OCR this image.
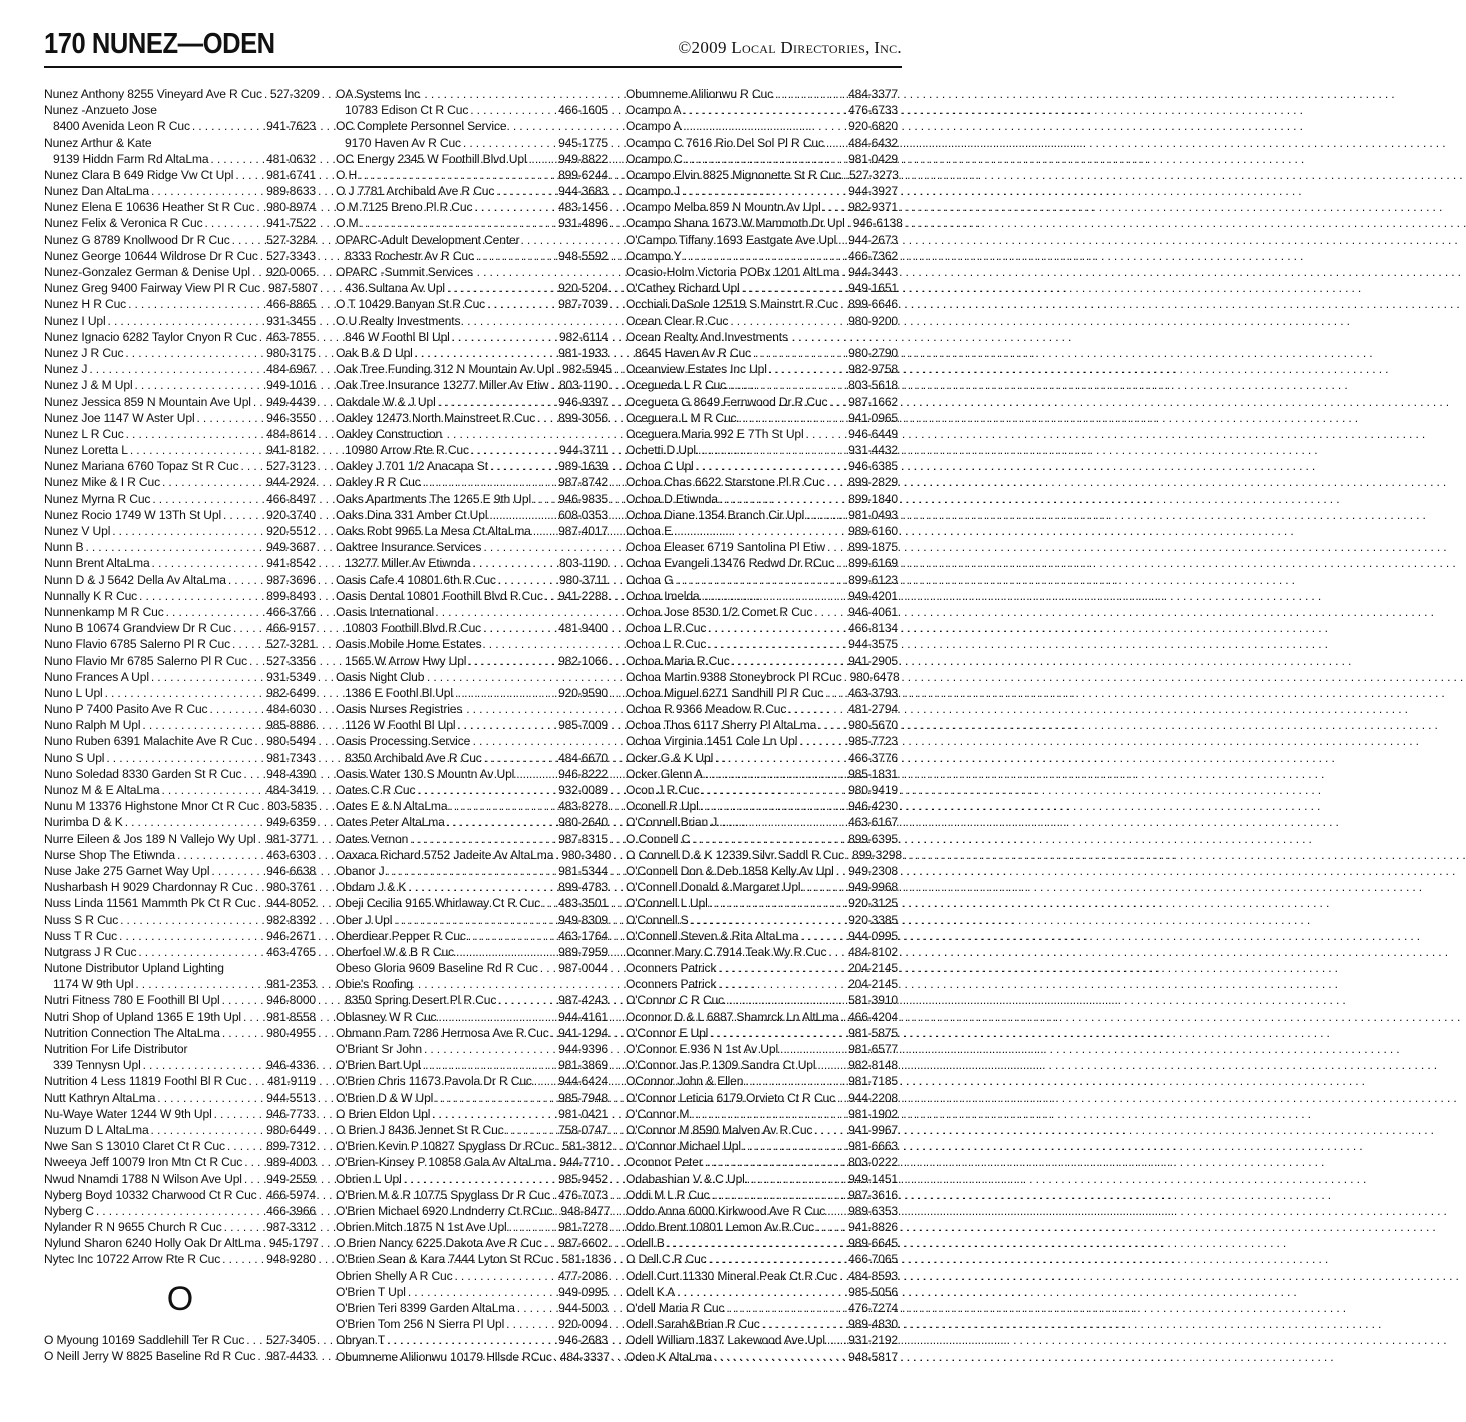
170 NUNEZ—ODEN	©2009 Local Directories, Inc.
Nunez Anthony 8255 Vineyard Ave R Cuc . . . 527-3209
Nunez -Anzueto Jose
8400 Avenida Leon R Cuc . . .	941-7623
Nunez Arthur & Kate
9139 Hiddn Farm Rd AltaLma . . .	481-0632
Nunez Clara B 649 Ridge Vw Ct Upl . . .	981-6741
Nunez Dan AltaLma . . .	989-8633
Nunez Elena E 10636 Heather St R Cuc . . . 980-8974
Nunez Felix & Veronica R Cuc . . .	941-7522
Nunez G 8789 Knollwood Dr R Cuc . . .	527-3284
Nunez George 10644 Wildrose Dr R Cuc . . . 527-3343
Nunez-Gonzalez German & Denise Upl . . . 920-0065
Nunez Greg 9400 Fairway View Pl R Cuc . . . 987-5807
Nunez H R Cuc . . .	466-8865
Nunez I Upl . . .	931-3455
Nunez Ignacio 6282 Taylor Cnyon R Cuc . . . 463-7855
Nunez J R Cuc . . .	980-3175
Nunez J . . .	484-6967
Nunez J & M Upl . . .	949-1016
Nunez Jessica 859 N Mountain Ave Upl . . . 949-4439
Nunez Joe 1147 W Aster Upl . . .	946-3550
Nunez L R Cuc . . .	484-8614
Nunez Loretta L . . .	941-8182
Nunez Mariana 6760 Topaz St R Cuc . . . 527-3123
Nunez Mike & I R Cuc . . .	944-2924
Nunez Myrna R Cuc . . .	466-8497
Nunez Rocio 1749 W 13Th St Upl . . .	920-3740
Nunez V Upl . . .	920-5512
Nunn B . . .	949-3687
Nunn Brent AltaLma . . .	941-8542
Nunn D & J 5642 Della Av AltaLma . . .	987-3696
Nunnally K R Cuc . . .	899-8493
Nunnenkamp M R Cuc . . .	466-3766
Nuno B 10674 Grandview Dr R Cuc . . .	466-9157
Nuno Flavio 6785 Salerno Pl R Cuc . . .	527-3281
Nuno Flavio Mr 6785 Salerno Pl R Cuc . . . 527-3356
Nuno Frances A Upl . . .	931-5349
Nuno L Upl . . .	982-6499
Nuno P 7400 Pasito Ave R Cuc . . .	484-6030
Nuno Ralph M Upl . . .	985-8886
Nuno Ruben 6391 Malachite Ave R Cuc . . . 980-5494
Nuno S Upl . . .	981-7343
Nuno Soledad 8330 Garden St R Cuc . . . 948-4390
Nunoz M & E AltaLma . . .	484-3419
Nunu M 13376 Highstone Mnor Ct R Cuc . . . 803-5835
Nurimba D & K . . .	949-6359
Nurre Eileen & Jos 189 N Vallejo Wy Upl . . . 981-3771
Nurse Shop The Etiwnda . . .	463-6303
Nuse Jake 275 Garnet Way Upl . . .	946-6638
Nusharbash H 9029 Chardonnay R Cuc . . . 980-3761
Nuss Linda 11561 Mammth Pk Ct R Cuc . . . 944-8052
Nuss S R Cuc . . .	982-8392
Nuss T R Cuc . . .	946-2671
Nutgrass J R Cuc . . .	463-4765
Nutone Distributor Upland Lighting
1174 W 9th Upl . . .	981-2353
Nutri Fitness 780 E Foothill Bl Upl . . .	946-8000
Nutri Shop of Upland 1365 E 19th Upl . . . 981-8558
Nutrition Connection The AltaLma . . .	980-4955
Nutrition For Life Distributor
339 Tennysn Upl . . .	946-4336
Nutrition 4 Less 11819 Foothl Bl R Cuc . . . 481-9119
Nutt Kathryn AltaLma . . .	944-5513
Nu-Waye Water 1244 W 9th Upl . . .	946-7733
Nuzum D L AltaLma . . .	980-6449
Nwe San S 13010 Claret Ct R Cuc . . .	899-7312
Nweeya Jeff 10079 Iron Mtn Ct R Cuc . . . 989-4003
Nwud Nnamdi 1788 N Wilson Ave Upl . . . 949-2559
Nyberg Boyd 10332 Charwood Ct R Cuc . . . 466-5974
Nyberg C . . .	466-3966
Nylander R N 9655 Church R Cuc . . .	987-3312
Nylund Sharon 6240 Holly Oak Dr AltLma . . . 945-1797
Nytec Inc 10722 Arrow Rte R Cuc . . .	948-9280
O
O Myoung 10169 Saddlehill Ter R Cuc . . . 527-3405
O Neill Jerry W 8825 Baseline Rd R Cuc . . . 987-4433
OA Systems Inc
10783 Edison Ct R Cuc . . .	466-1605
OC Complete Personnel Service
9170 Haven Av R Cuc . . .	945-1775
OC Energy 2345 W Foothill Blvd Upl . . .	949-8822
O H . . .	899-6244
O J 7781 Archibald Ave R Cuc . . .	944-3683
O M 7125 Breno Pl R Cuc . . .	483-1456
O M . . .	931-4896
OPARC-Adult Development Center
8333 Rochestr Av R Cuc . . .	948-5592
OPARC -Summit Services
436 Sultana Av Upl . . .	920-5204
O T 10429 Banyan St R Cuc . . .	987-7039
O U Realty Investments
846 W Foothl Bl Upl . . .	982-6114
Oak B & D Upl . . .	981-1933
Oak Tree Funding 312 N Mountain Av Upl . . . 982-5945
Oak Tree Insurance 13277 Miller Av Etiw . . . 803-1190
Oakdale W & J Upl . . .	946-9397
Oakley 12473 North Mainstreet R Cuc . . . 899-3056
Oakley Construction
10980 Arrow Rte R Cuc . . .	944-3711
Oakley J 701 1/2 Anacapa St . . .	989-1639
Oakley R R Cuc . . .	987-8742
Oaks Apartments The 1265 E 9th Upl . . . 946-9835
Oaks Dina 331 Amber Ct Upl . . .	608-0353
Oaks Robt 9965 La Mesa Ct AltaLma . . . 987-4017
Oaktree Insurance Services
13277 Miller Av Etiwnda . . .	803-1190
Oasis Cafe 4 10801 6th R Cuc . . .	980-3711
Oasis Dental 10801 Foothill Blvd R Cuc . . . 941-2288
Oasis International
10803 Foothill Blvd R Cuc . . .	481-9400
Oasis Mobile Home Estates
1565 W Arrow Hwy Upl . . .	982-1066
Oasis Night Club
1386 E Foothl Bl Upl . . .	920-9590
Oasis Nurses Registries
1126 W Foothl Bl Upl . . .	985-7009
Oasis Processing Service
8350 Archibald Ave R Cuc . . .	484-6670
Oasis Water 130 S Mountn Av Upl . . .	946-8222
Oates C R Cuc . . .	932-0089
Oates E & N AltaLma . . .	483-8278
Oates Peter AltaLma . . .	980-2640
Oates Vernon . . .	987-8315
Oaxaca Richard 5752 Jadeite Av AltaLma . . . 980-3480
Obanor J . . .	981-5344
Obdam J & K . . .	899-4783
Obeji Cecilia 9165 Whirlaway Ct R Cuc . . . 483-3501
Ober J Upl . . .	949-8309
Oberdiear Pepper R Cuc . . .	463-1764
Oberfoel W & B R Cuc . . .	989-7959
Obeso Gloria 9609 Baseline Rd R Cuc . . . 987-0044
Obie's Roofing
8350 Spring Desert Pl R Cuc . . .	987-4243
Oblasney W R Cuc . . .	944-4161
Obmann Pam 7286 Hermosa Ave R Cuc . . . 941-1294
O'Briant Sr John . . .	944-9396
O'Brien Bart Upl . . .	981-3869
O'Brien Chris 11673 Pavola Dr R Cuc . . . 944-6424
O'Brien D & W Upl . . .	985-7948
O Brien Eldon Upl . . .	981-0421
O Brien J 8436 Jennet St R Cuc . . .	758-0747
O'Brien Kevin P 10827 Spyglass Dr RCuc . . . 581-3812
O'Brien-Kinsey P 10858 Gala Av AltaLma . . . 944-7710
Obrien L Upl . . .	985-9452
O'Brien M & R 10775 Spyglass Dr R Cuc . . . 476-7073
O'Brien Michael 6920 Lndnderry Ct RCuc . . . 948-8477
Obrien Mitch 1875 N 1st Ave Upl . . .	981-7278
O Brien Nancy 6225 Dakota Ave R Cuc . . . 987-6602
O'Brien Sean & Kara 7444 Lyton St RCuc . . . 581-1836
Obrien Shelly A R Cuc . . .	477-2086
O'Brien T Upl . . .	949-0995
O'Brien Teri 8399 Garden AltaLma . . .	944-5003
O'Brien Tom 256 N Sierra Pl Upl . . .	920-0094
Obryan T . . .	946-2683
Obumneme Alilionwu 10179 Hllsde RCuc . . . 484-3337
Obumneme Alilionwu R Cuc . . .	484-3377
Ocampo A . . .	476-6733
Ocampo A . . .	920-6820
Ocampo C 7616 Rio Del Sol Pl R Cuc . . . 484-6432
Ocampo C . . .	981-0429
Ocampo Elvin 8825 Mignonette St R Cuc . . . 527-3273
Ocampo J . . .	944-3927
Ocampo Melba 859 N Mountn Av Upl . . . 982-9371
Ocampo Shana 1673 W Mammoth Dr Upl . . . 946-6138
O'Campo Tiffany 1693 Eastgate Ave Upl . . . 944-2673
Ocampo Y . . .	466-7362
Ocasio-Holm Victoria POBx 1201 AltLma . . . 944-3443
O'Cathey Richard Upl . . .	949-1651
Occhiali DaSole 12519 S Mainstrt R Cuc . . . 899-6646
Ocean Clear R Cuc . . .	980-9200
Ocean Realty And Investments
8645 Haven Av R Cuc . . .	980-2790
Oceanview Estates Inc Upl . . .	982-9758
Ocegueda L R Cuc . . .	803-5618
Oceguera G 8649 Fernwood Dr R Cuc . . . 987-1662
Oceguera L M R Cuc . . .	941-0965
Oceguera Maria 992 E 7Th St Upl . . .	946-6449
Ochetti D Upl . . .	931-4432
Ochoa C Upl . . .	946-6385
Ochoa Chas 6622 Starstone Pl R Cuc . . . 899-2829
Ochoa D Etiwnda . . .	899-1840
Ochoa Diane 1354 Branch Cir Upl . . .	981-0493
Ochoa E . . .	989-6160
Ochoa Eleaser 6719 Santolina Pl Etiw . . . 899-1875
Ochoa Evangeli 13476 Redwd Dr RCuc . . . 899-6169
Ochoa G . . .	899-6123
Ochoa Imelda . . .	949-4201
Ochoa Jose 8530 1/2 Comet R Cuc . . .	946-4061
Ochoa L R Cuc . . .	466-8134
Ochoa L R Cuc . . .	944-3575
Ochoa Maria R Cuc . . .	941-2905
Ochoa Martin 9388 Stoneybrock Pl RCuc . . . 980-6478
Ochoa Miguel 6271 Sandhill Pl R Cuc . . . 463-3793
Ochoa R 9366 Meadow R Cuc . . .	481-2794
Ochoa Thos 6117 Sherry Pl AltaLma . . .	980-5670
Ochoa Virginia 1451 Cole Ln Upl . . .	985-7723
Ocker G & K Upl . . .	466-3776
Ocker Glenn A . . .	985-1831
Ocon J R Cuc . . .	980-9419
Oconell R Upl . . .	946-4230
O'Connell Brian J . . .	463-6167
O Connell C . . .	899-6395
O Connell D & K 12339 Silvr Saddl R Cuc . . . 899-3298
O'Connell Don & Deb 1858 Kelly Av Upl . . . 949-2308
O'Connell Donald & Margaret Upl . . .	949-9968
O'Connell L Upl . . .	920-3125
O'Connell S . . .	920-3385
O'Connell Steven & Rita AltaLma . . .	944-0995
Oconner Mary C 7914 Teak Wy R Cuc . . . 484-8102
Oconners Patrick . . .	204-2145
Oconners Patrick . . .	204-2145
O'Connor C R Cuc . . .	581-3910
Oconnor D & L 6887 Shamrck Ln AltLma . . . 466-4204
O'Connor E Upl . . .	981-5875
O'Connor E 936 N 1st Av Upl . . .	981-6577
O'Connor Jas P 1309 Sandra Ct Upl . . .	982-8148
OConnor John & Ellen . . .	981-7185
O'Connor Leticia 6179 Orvieto Ct R Cuc . . . 944-2208
O'Connor M . . .	981-1902
O'Connor M 8590 Malven Av R Cuc . . .	941-9967
O'Connor Michael Upl . . .	981-6663
Oconnor Peter . . .	803-0222
Odabashian V & C Upl . . .	949-1451
Oddi M L R Cuc . . .	987-3616
Oddo Anna 6000 Kirkwood Ave R Cuc . . . 989-6353
Oddo Brent 10801 Lemon Av R Cuc . . .	941-8826
Odell B . . .	989-6645
O Dell C R Cuc . . .	466-7065
Odell Curt 11330 Mineral Peak Ct R Cuc . . . 484-8593
Odell K A . . .	985-5056
O'dell Maria R Cuc . . .	476-7274
Odell Sarah&Brian R Cuc . . .	989-4830
Odell William 1837 Lakewood Ave Upl . . . 931-2192
Oden K AltaLma . . .	948-5817
